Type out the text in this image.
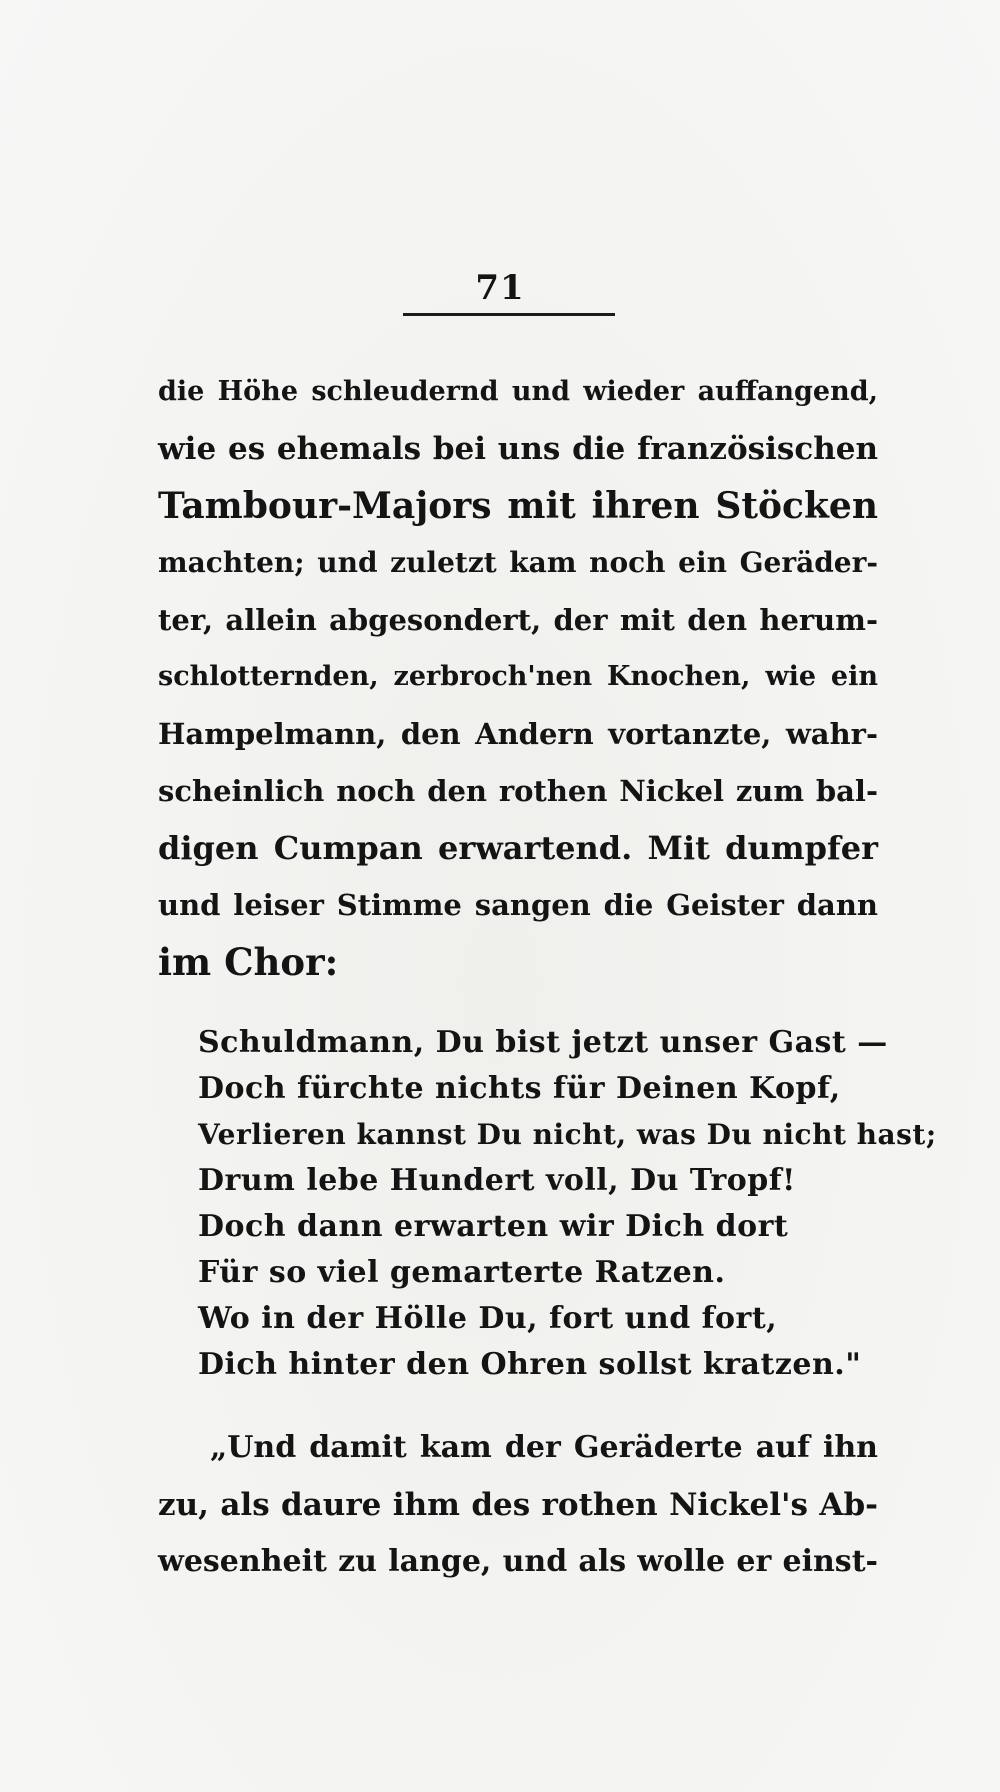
71
die Höhe schleudernd und wieder auffangend,
wie es ehemals bei uns die französischen
Tambour-Majors mit ihren Stöcken
machten; und zuletzt kam noch ein Geräder-
ter, allein abgesondert, der mit den herum-
schlotternden, zerbroch'nen Knochen, wie ein
Hampelmann, den Andern vortanzte, wahr-
scheinlich noch den rothen Nickel zum bal-
digen Cumpan erwartend. Mit dumpfer
und leiser Stimme sangen die Geister dann
im Chor:
Schuldmann, Du bist jetzt unser Gast —
Doch fürchte nichts für Deinen Kopf,
Verlieren kannst Du nicht, was Du nicht hast;
Drum lebe Hundert voll, Du Tropf!
Doch dann erwarten wir Dich dort
Für so viel gemarterte Ratzen.
Wo in der Hölle Du, fort und fort,
Dich hinter den Ohren sollst kratzen."
„Und damit kam der Geräderte auf ihn
zu, als daure ihm des rothen Nickel's Ab-
wesenheit zu lange, und als wolle er einst-
